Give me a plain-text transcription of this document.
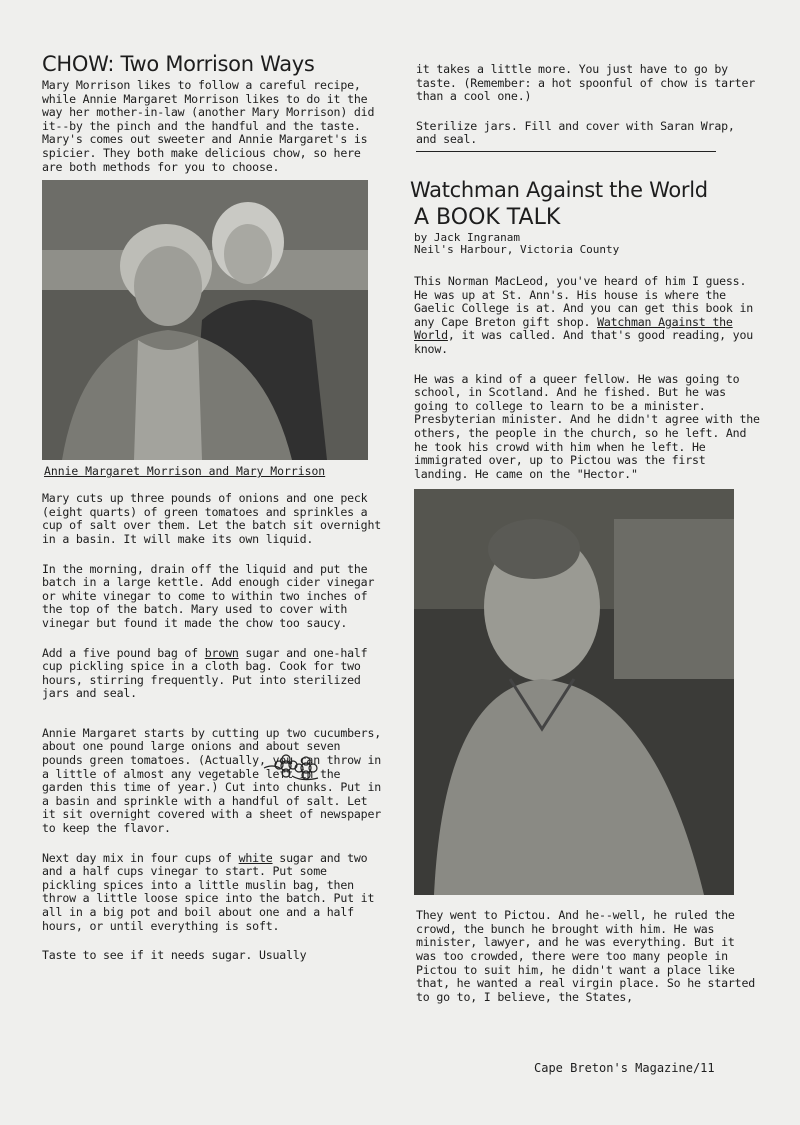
CHOW: Two Morrison Ways

Mary Morrison likes to follow a careful recipe, while Annie Margaret Morrison likes to do it the way her mother-in-law (another Mary Morrison) did it--by the pinch and the handful and the taste. Mary's comes out sweeter and Annie Margaret's is spicier. They both make delicious chow, so here are both methods for you to choose.

Annie Margaret Morrison and Mary Morrison

Mary cuts up three pounds of onions and one peck (eight quarts) of green tomatoes and sprinkles a cup of salt over them. Let the batch sit overnight in a basin. It will make its own liquid.

In the morning, drain off the liquid and put the batch in a large kettle. Add enough cider vinegar or white vinegar to come to within two inches of the top of the batch. Mary used to cover with vinegar but found it made the chow too saucy.

Add a five pound bag of brown sugar and one-half cup pickling spice in a cloth bag. Cook for two hours, stirring frequently. Put into sterilized jars and seal.

Annie Margaret starts by cutting up two cucumbers, about one pound large onions and about seven pounds green tomatoes. (Actually, you can throw in a little of almost any vegetable left in the garden this time of year.) Cut into chunks. Put in a basin and sprinkle with a handful of salt. Let it sit overnight covered with a sheet of newspaper to keep the flavor.

Next day mix in four cups of white sugar and two and a half cups vinegar to start. Put some pickling spices into a little muslin bag, then throw a little loose spice into the batch. Put it all in a big pot and boil about one and a half hours, or until everything is soft.

Taste to see if it needs sugar. Usually

it takes a little more. You just have to go by taste. (Remember: a hot spoonful of chow is tarter than a cool one.)

Sterilize jars. Fill and cover with Saran Wrap, and seal.

Watchman Against the World
A BOOK TALK
by Jack Ingranam
Neil's Harbour, Victoria County

This Norman MacLeod, you've heard of him I guess. He was up at St. Ann's. His house is where the Gaelic College is at. And you can get this book in any Cape Breton gift shop. Watchman Against the World, it was called. And that's good reading, you know.

He was a kind of a queer fellow. He was going to school, in Scotland. And he fished. But he was going to college to learn to be a minister. Presbyterian minister. And he didn't agree with the others, the people in the church, so he left. And he took his crowd with him when he left. He immigrated over, up to Pictou was the first landing. He came on the "Hector."

They went to Pictou. And he--well, he ruled the crowd, the bunch he brought with him. He was minister, lawyer, and he was everything. But it was too crowded, there were too many people in Pictou to suit him, he didn't want a place like that, he wanted a real virgin place. So he started to go to, I believe, the States,

Cape Breton's Magazine/11
